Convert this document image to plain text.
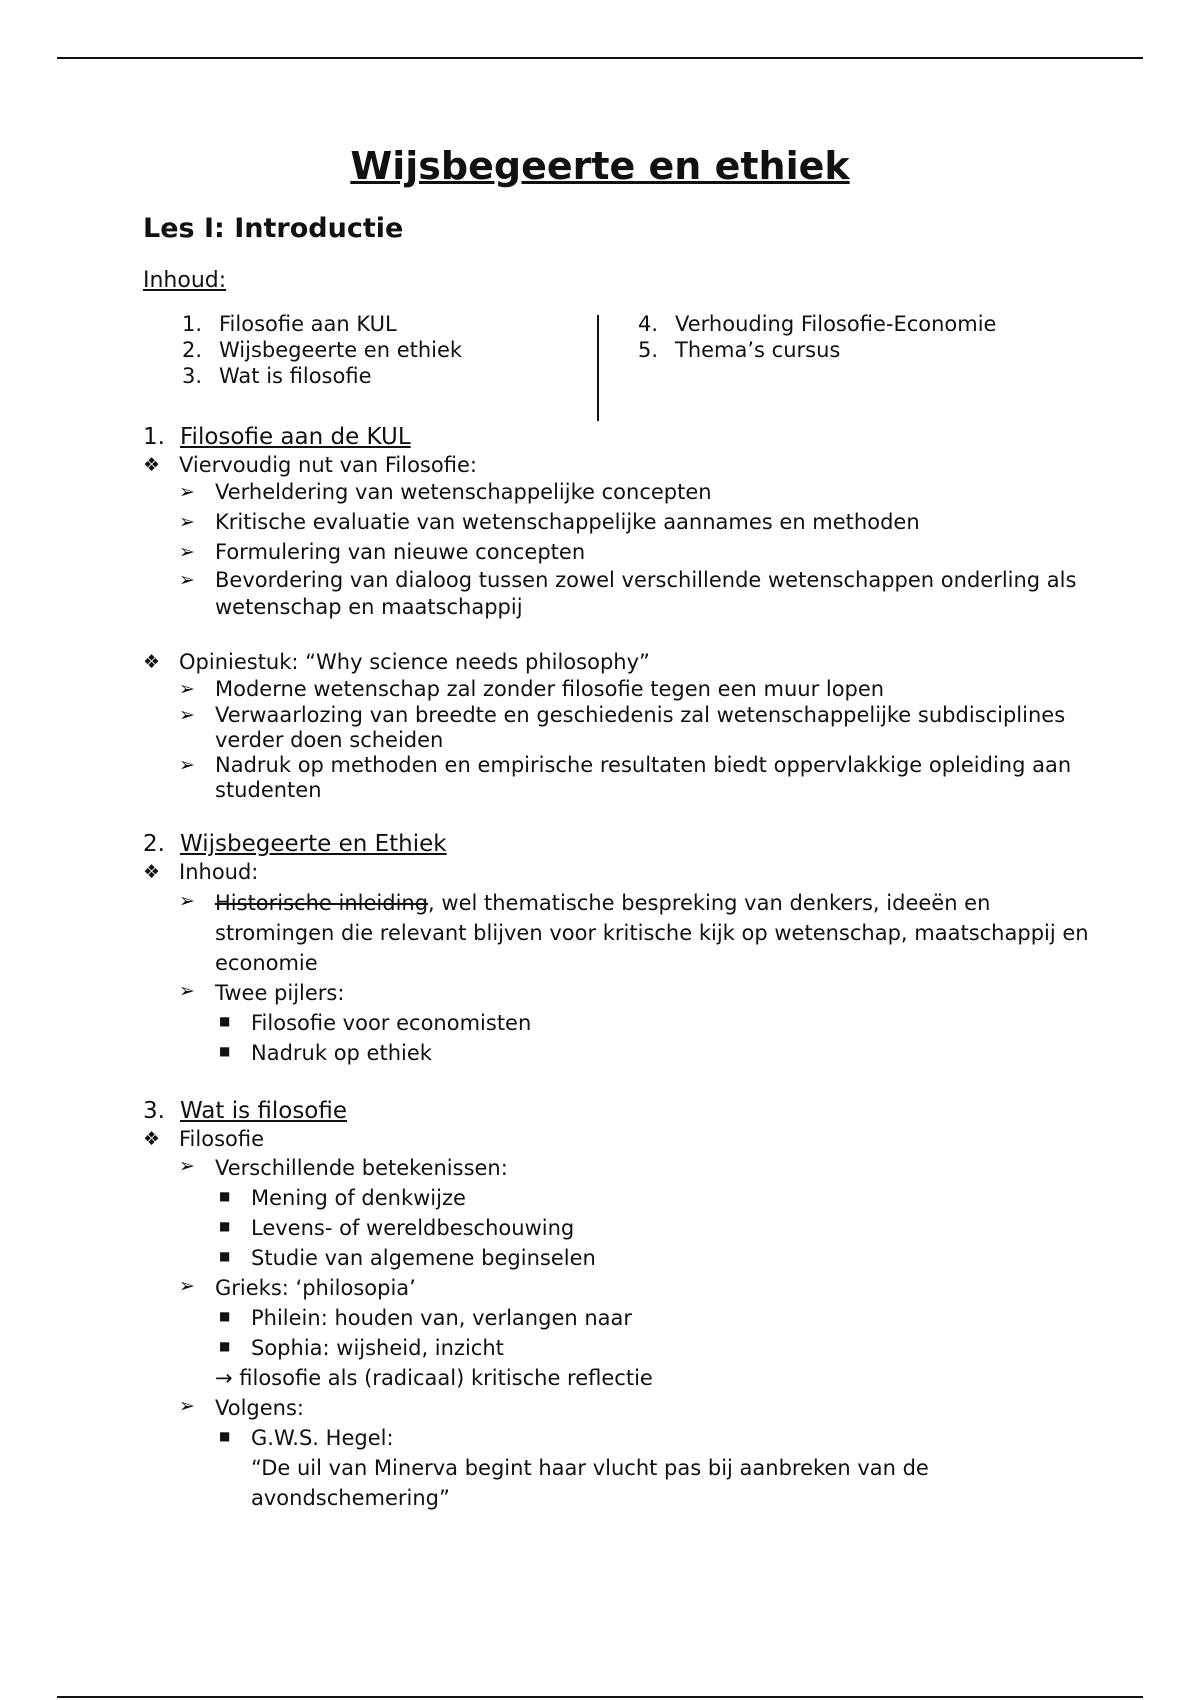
Wijsbegeerte en ethiek
Les I: Introductie
Inhoud:
1. Filosofie aan KUL
2. Wijsbegeerte en ethiek
3. Wat is filosofie
4. Verhouding Filosofie-Economie
5. Thema’s cursus
1. Filosofie aan de KUL
❖ Viervoudig nut van Filosofie:
➢ Verheldering van wetenschappelijke concepten
➢ Kritische evaluatie van wetenschappelijke aannames en methoden
➢ Formulering van nieuwe concepten
➢ Bevordering van dialoog tussen zowel verschillende wetenschappen onderling als wetenschap en maatschappij
❖ Opiniestuk: “Why science needs philosophy”
➢ Moderne wetenschap zal zonder filosofie tegen een muur lopen
➢ Verwaarlozing van breedte en geschiedenis zal wetenschappelijke subdisciplines verder doen scheiden
➢ Nadruk op methoden en empirische resultaten biedt oppervlakkige opleiding aan studenten
2. Wijsbegeerte en Ethiek
❖ Inhoud:
➢ Historische inleiding, wel thematische bespreking van denkers, ideeën en stromingen die relevant blijven voor kritische kijk op wetenschap, maatschappij en economie
➢ Twee pijlers:
■ Filosofie voor economisten
■ Nadruk op ethiek
3. Wat is filosofie
❖ Filosofie
➢ Verschillende betekenissen:
■ Mening of denkwijze
■ Levens- of wereldbeschouwing
■ Studie van algemene beginselen
➢ Grieks: ‘philosopia’
■ Philein: houden van, verlangen naar
■ Sophia: wijsheid, inzicht
→ filosofie als (radicaal) kritische reflectie
➢ Volgens:
■ G.W.S. Hegel:
“De uil van Minerva begint haar vlucht pas bij aanbreken van de avondschemering”
